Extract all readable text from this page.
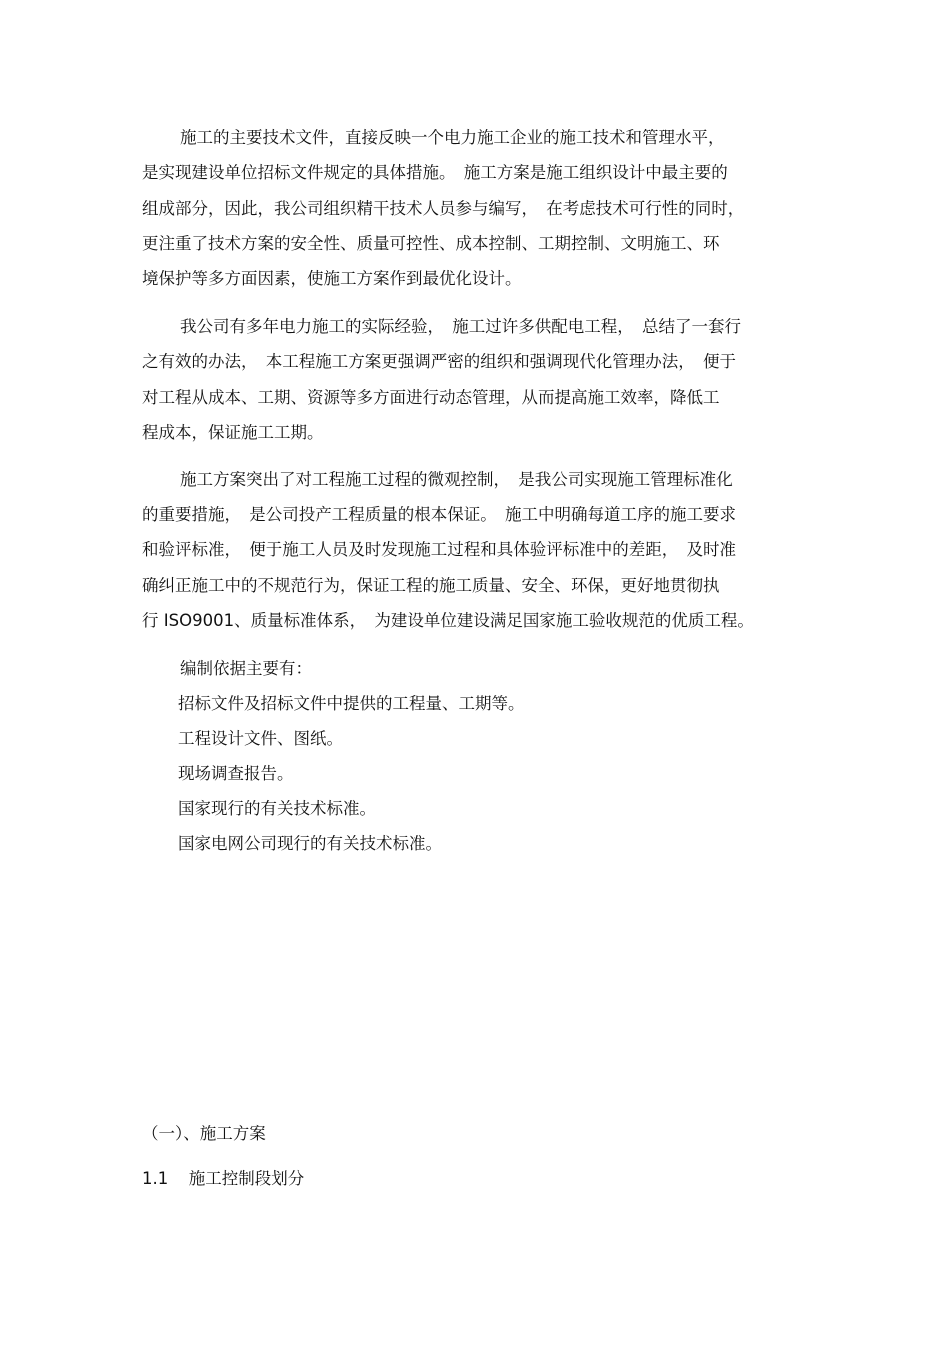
施工的主要技术文件，直接反映一个电力施工企业的施工技术和管理水平，
是实现建设单位招标文件规定的具体措施。　施工方案是施工组织设计中最主要的
组成部分，因此，我公司组织精干技术人员参与编写，　在考虑技术可行性的同时，
更注重了技术方案的安全性、质量可控性、成本控制、工期控制、文明施工、环
境保护等多方面因素，使施工方案作到最优化设计。
我公司有多年电力施工的实际经验，　施工过许多供配电工程，　总结了一套行
之有效的办法，　本工程施工方案更强调严密的组织和强调现代化管理办法，　便于
对工程从成本、工期、资源等多方面进行动态管理，从而提高施工效率，降低工
程成本，保证施工工期。
施工方案突出了对工程施工过程的微观控制，　是我公司实现施工管理标准化
的重要措施，　是公司投产工程质量的根本保证。　施工中明确每道工序的施工要求
和验评标准，　便于施工人员及时发现施工过程和具体验评标准中的差距，　及时准
确纠正施工中的不规范行为，保证工程的施工质量、安全、环保，更好地贯彻执
行 ISO9001、质量标准体系，　为建设单位建设满足国家施工验收规范的优质工程。
编制依据主要有：
招标文件及招标文件中提供的工程量、工期等。
工程设计文件、图纸。
现场调查报告。
国家现行的有关技术标准。
国家电网公司现行的有关技术标准。
（一）、施工方案
1.1 施工控制段划分
